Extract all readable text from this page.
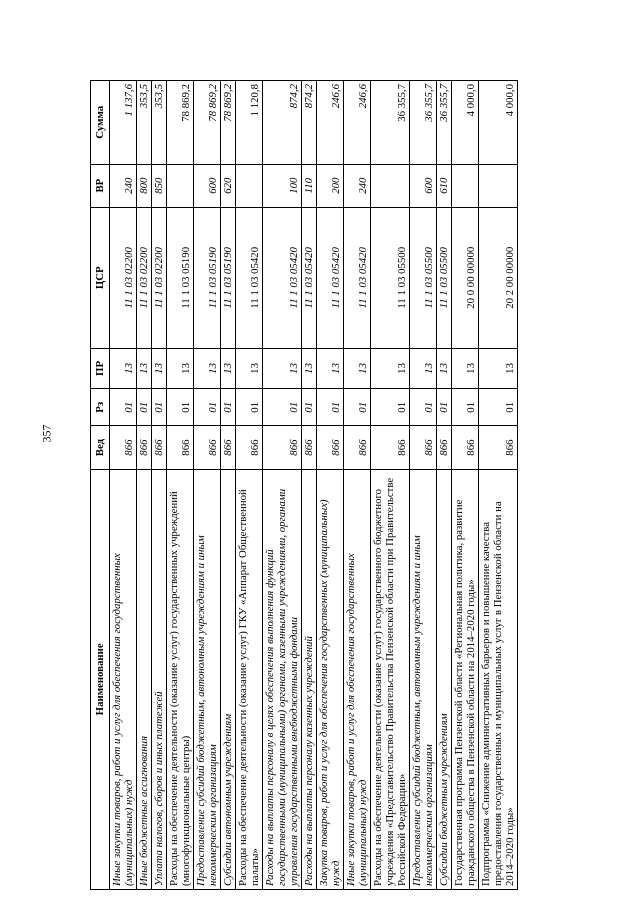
357
Наименование	Вед	Рз	ПР	ЦСР	ВР	Сумма
Иные закупки товаров, работ и услуг для обеспечения государственных (муниципальных) нужд	866	01	13	11 1 03 02200	240	1 137,6
Иные бюджетные ассигнования	866	01	13	11 1 03 02200	800	353,5
Уплата налогов, сборов и иных платежей	866	01	13	11 1 03 02200	850	353,5
Расходы на обеспечение деятельности (оказание услуг) государственных учреждений (многофункциональные центры)	866	01	13	11 1 03 05190		78 869,2
Предоставление субсидий бюджетным, автономным учреждениям и иным некоммерческим организациям	866	01	13	11 1 03 05190	600	78 869,2
Субсидии автономным учреждениям	866	01	13	11 1 03 05190	620	78 869,2
Расходы на обеспечение деятельности (оказание услуг) ГКУ «Аппарат Общественной палаты»	866	01	13	11 1 03 05420		1 120,8
Расходы на выплаты персоналу в целях обеспечения выполнения функций государственными (муниципальными) органами, казенными учреждениями, органами управления государственными внебюджетными фондами	866	01	13	11 1 03 05420	100	874,2
Расходы на выплаты персоналу казенных учреждений	866	01	13	11 1 03 05420	110	874,2
Закупка товаров, работ и услуг для обеспечения государственных (муниципальных) нужд	866	01	13	11 1 03 05420	200	246,6
Иные закупки товаров, работ и услуг для обеспечения государственных (муниципальных) нужд	866	01	13	11 1 03 05420	240	246,6
Расходы на обеспечение деятельности (оказание услуг) государственного бюджетного учреждения «Представительство Правительства Пензенской области при Правительстве Российской Федерации»	866	01	13	11 1 03 05500		36 355,7
Предоставление субсидий бюджетным, автономным учреждениям и иным некоммерческим организациям	866	01	13	11 1 03 05500	600	36 355,7
Субсидии бюджетным учреждениям	866	01	13	11 1 03 05500	610	36 355,7
Государственная программа Пензенской области «Региональная политика, развитие гражданского общества в Пензенской области на 2014–2020 годы»	866	01	13	20 0 00 00000		4 000,0
Подпрограмма «Снижение административных барьеров и повышение качества предоставления государственных и муниципальных услуг в Пензенской области на 2014–2020 годы»	866	01	13	20 2 00 00000		4 000,0
